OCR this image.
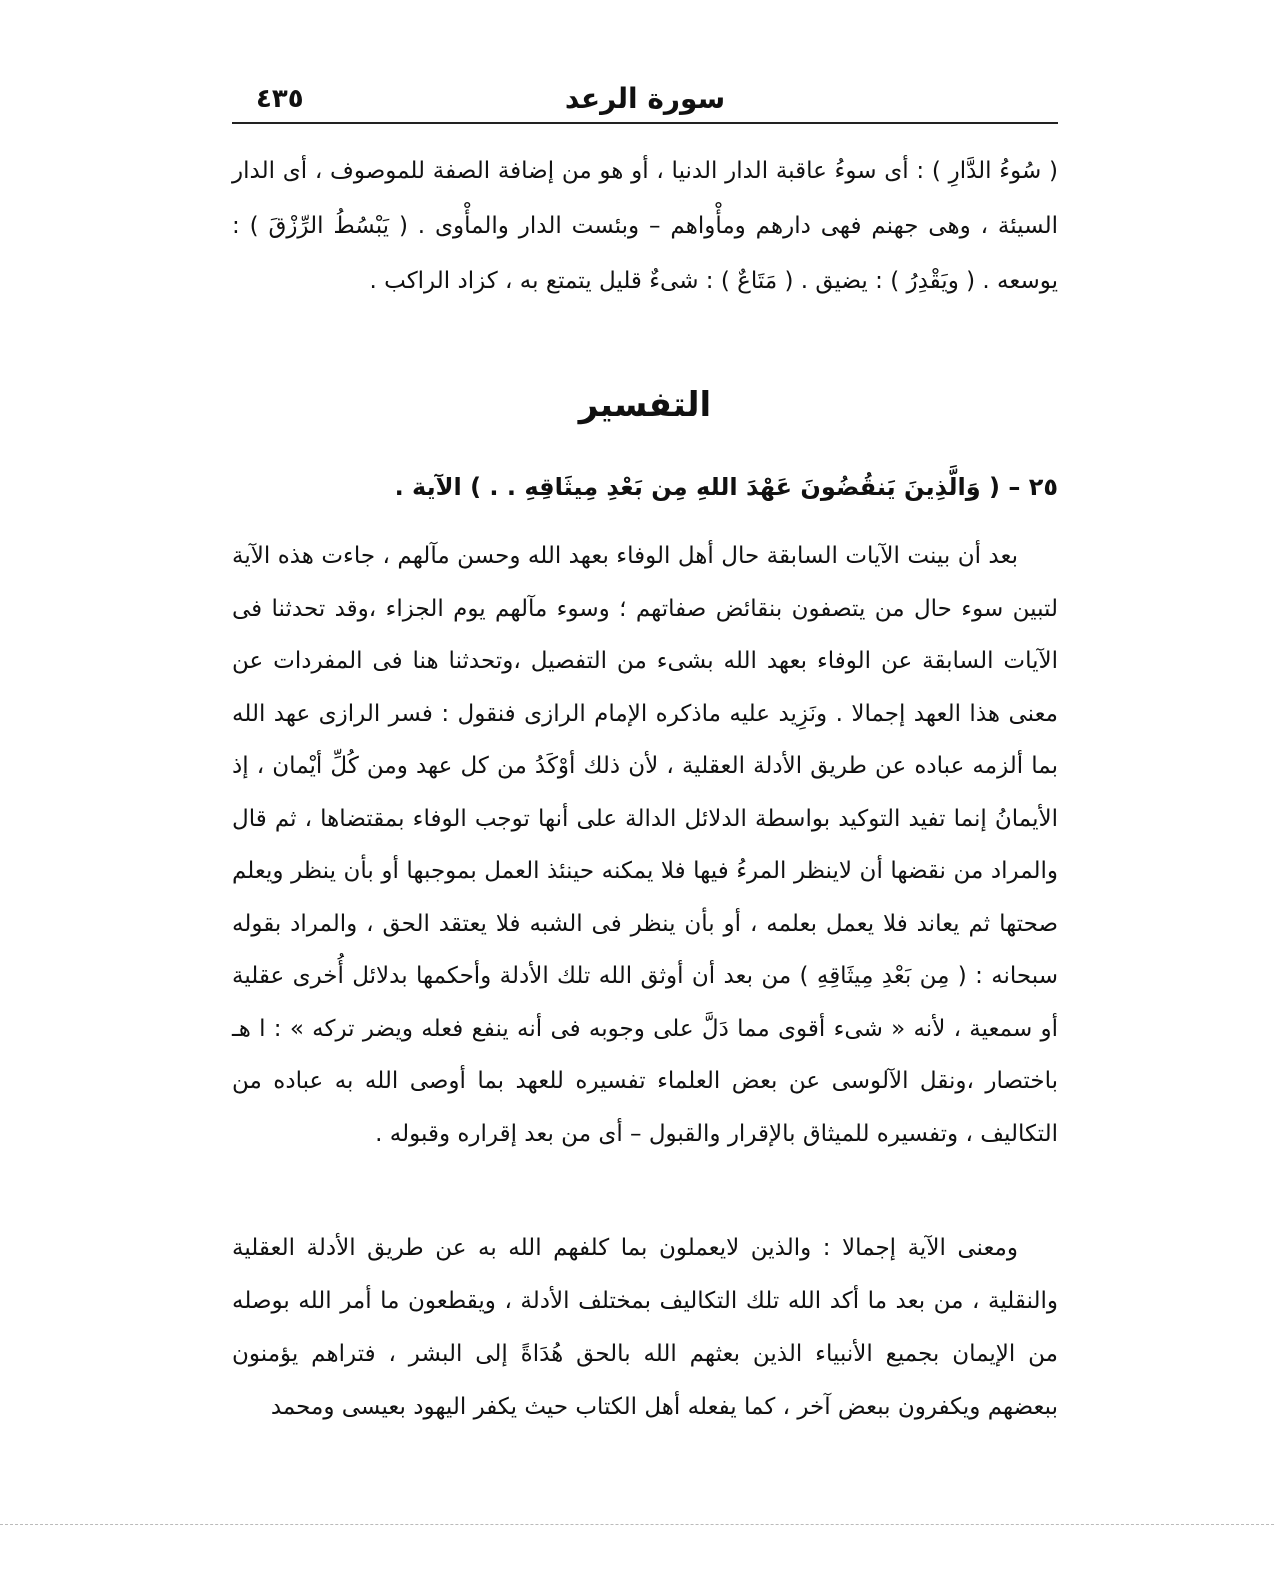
٤٣٥	سورة الرعد

( سُوءُ الدَّارِ ) : أى سوءُ عاقبة الدار الدنيا ، أو هو من إضافة الصفة للموصوف ، أى الدار السيئة ، وهى جهنم فهى دارهم ومأْواهم – وبئست الدار والمأْوى . ( يَبْسُطُ الرِّزْقَ ) : يوسعه . ( ويَقْدِرُ ) : يضيق . ( مَتَاعٌ ) : شىءٌ قليل يتمتع به ، كزاد الراكب .

التفسير
٢٥ – ( وَالَّذِينَ يَنقُضُونَ عَهْدَ اللهِ مِن بَعْدِ مِيثَاقِهِ . . ) الآية .

بعد أن بينت الآيات السابقة حال أهل الوفاء بعهد الله وحسن مآلهم ، جاءت هذه الآية لتبين سوء حال من يتصفون بنقائض صفاتهم ؛ وسوء مآلهم يوم الجزاء ،وقد تحدثنا فى الآيات السابقة عن الوفاء بعهد الله بشىء من التفصيل ،وتحدثنا هنا فى المفردات عن معنى هذا العهد إجمالا . ونَزِيد عليه ماذكره الإمام الرازى فنقول : فسر الرازى عهد الله بما ألزمه عباده عن طريق الأدلة العقلية ، لأن ذلك أوْكَدُ من كل عهد ومن كُلِّ أيْمان ، إذ الأيمانُ إنما تفيد التوكيد بواسطة الدلائل الدالة على أنها توجب الوفاء بمقتضاها ، ثم قال والمراد من نقضها أن لاينظر المرءُ فيها فلا يمكنه حينئذ العمل بموجبها أو بأن ينظر ويعلم صحتها ثم يعاند فلا يعمل بعلمه ، أو بأن ينظر فى الشبه فلا يعتقد الحق ، والمراد بقوله سبحانه : ( مِن بَعْدِ مِيثَاقِهِ ) من بعد أن أوثق الله تلك الأدلة وأحكمها بدلائل أُخرى عقلية أو سمعية ، لأنه « شىء أقوى مما دَلَّ على وجوبه فى أنه ينفع فعله ويضر تركه » : ا هـ باختصار ،ونقل الآلوسى عن بعض العلماء تفسيره للعهد بما أوصى الله به عباده من التكاليف ، وتفسيره للميثاق بالإقرار والقبول – أى من بعد إقراره وقبوله .

ومعنى الآية إجمالا : والذين لايعملون بما كلفهم الله به عن طريق الأدلة العقلية والنقلية ، من بعد ما أكد الله تلك التكاليف بمختلف الأدلة ، ويقطعون ما أمر الله بوصله من الإيمان بجميع الأنبياء الذين بعثهم الله بالحق هُدَاةً إلى البشر ، فتراهم يؤمنون ببعضهم ويكفرون ببعض آخر ، كما يفعله أهل الكتاب حيث يكفر اليهود بعيسى ومحمد
